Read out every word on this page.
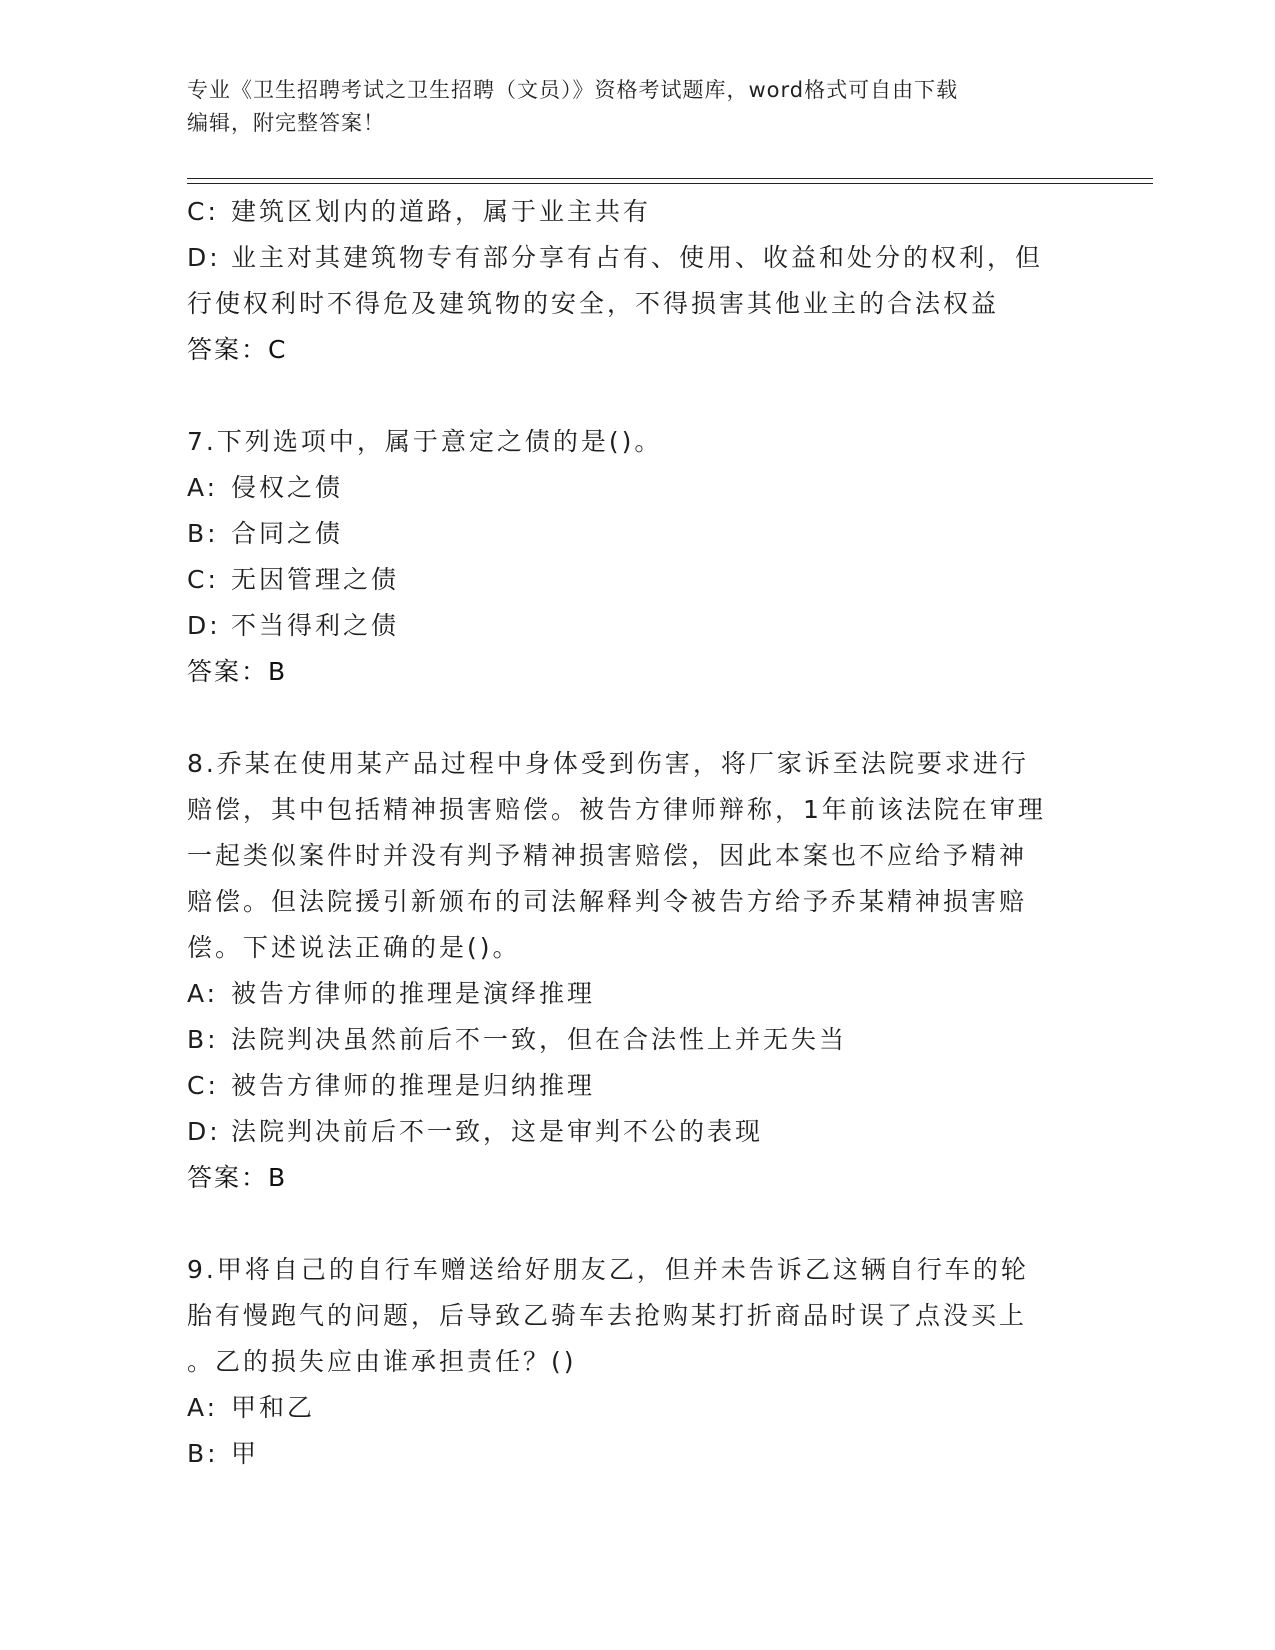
专业《卫生招聘考试之卫生招聘（文员）》资格考试题库，word格式可自由下载
编辑，附完整答案！
C: 建筑区划内的道路，属于业主共有
D: 业主对其建筑物专有部分享有占有、使用、收益和处分的权利，但
行使权利时不得危及建筑物的安全，不得损害其他业主的合法权益
答案：C
7.下列选项中，属于意定之债的是()。
A: 侵权之债
B: 合同之债
C: 无因管理之债
D: 不当得利之债
答案：B
8.乔某在使用某产品过程中身体受到伤害，将厂家诉至法院要求进行
赔偿，其中包括精神损害赔偿。被告方律师辩称，1年前该法院在审理
一起类似案件时并没有判予精神损害赔偿，因此本案也不应给予精神
赔偿。但法院援引新颁布的司法解释判令被告方给予乔某精神损害赔
偿。下述说法正确的是()。
A: 被告方律师的推理是演绎推理
B: 法院判决虽然前后不一致，但在合法性上并无失当
C: 被告方律师的推理是归纳推理
D: 法院判决前后不一致，这是审判不公的表现
答案：B
9.甲将自己的自行车赠送给好朋友乙，但并未告诉乙这辆自行车的轮
胎有慢跑气的问题，后导致乙骑车去抢购某打折商品时误了点没买上
。乙的损失应由谁承担责任？()
A: 甲和乙
B: 甲
